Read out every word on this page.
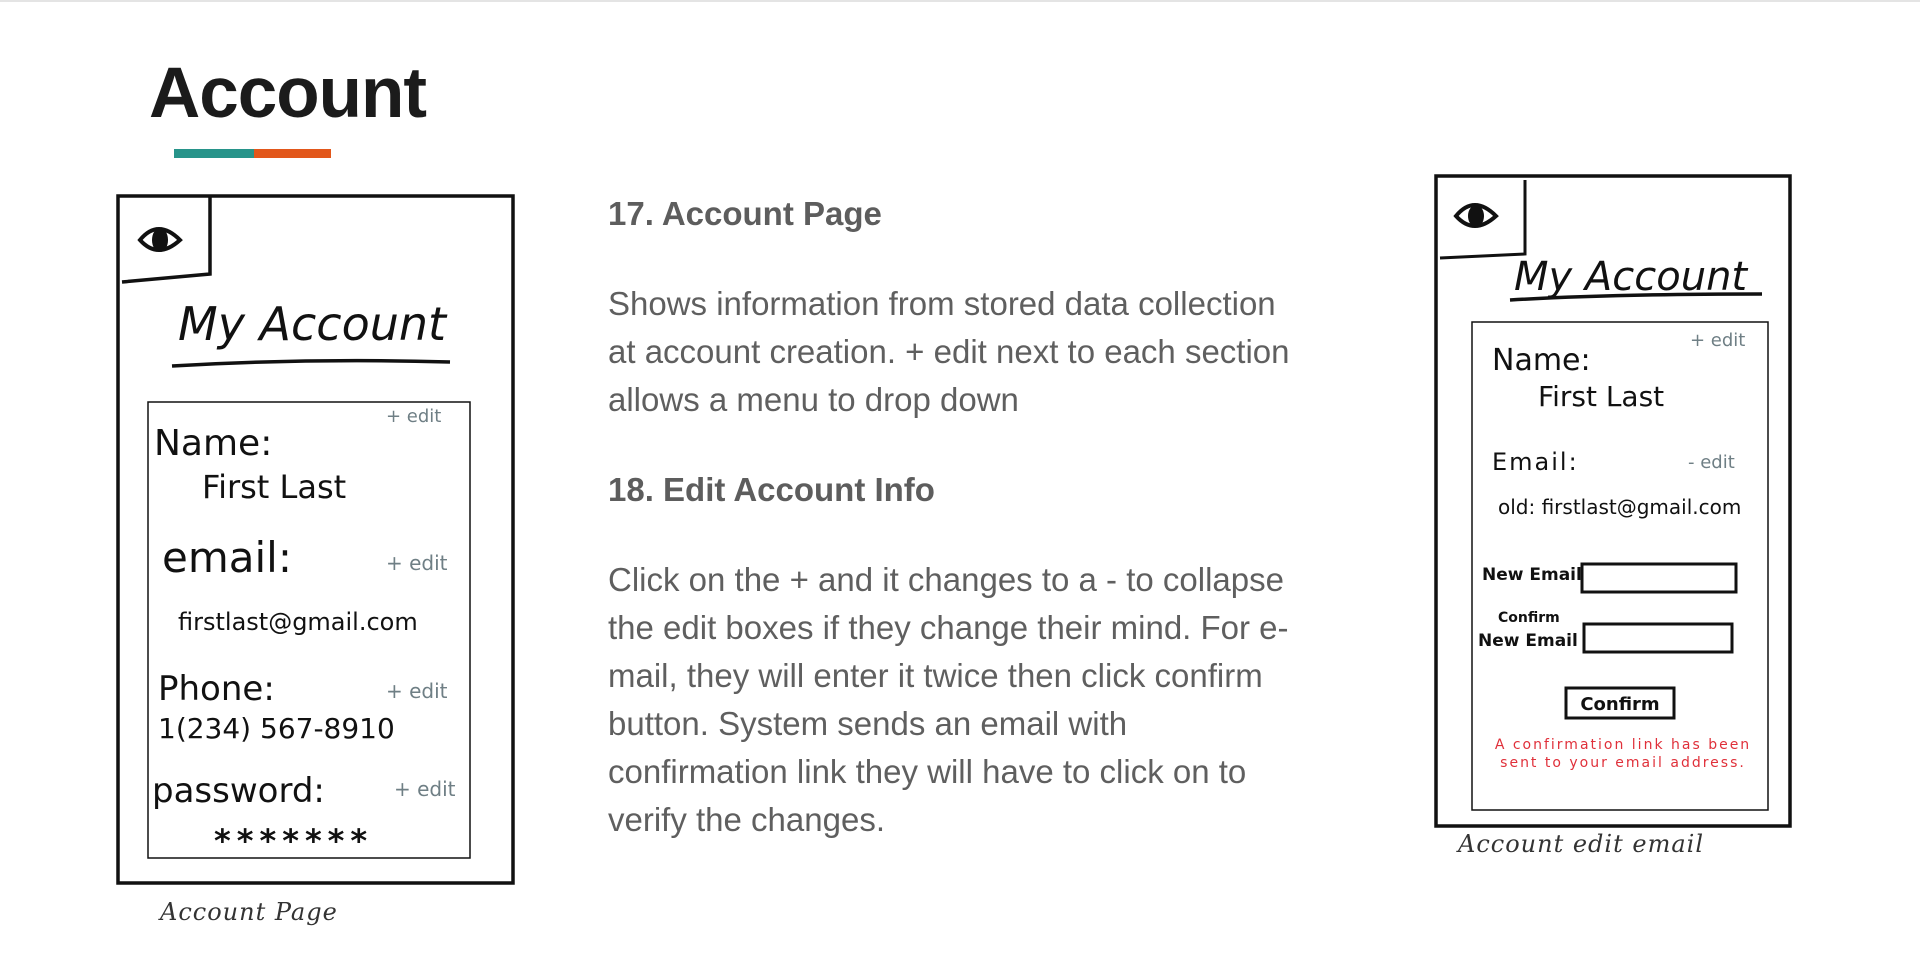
Account
My Account
Name:
+ edit
First Last
email:	+ edit
firstlast@gmail.com
Phone:	+ edit
1(234) 567-8910
password:	+ edit
*******
Account Page
17. Account Page

Shows information from stored data collection at account creation. + edit next to each section allows a menu to drop down

18. Edit Account Info

Click on the + and it changes to a - to collapse the edit boxes if they change their mind. For e-mail, they will enter it twice then click confirm button. System sends an email with confirmation link they will have to click on to verify the changes.

My Account
Name:
+ edit
First Last
Email:	- edit
old: firstlast@gmail.com
New Email
Confirm
New Email
Confirm
A confirmation link has been sent to your email address.
Account edit email
